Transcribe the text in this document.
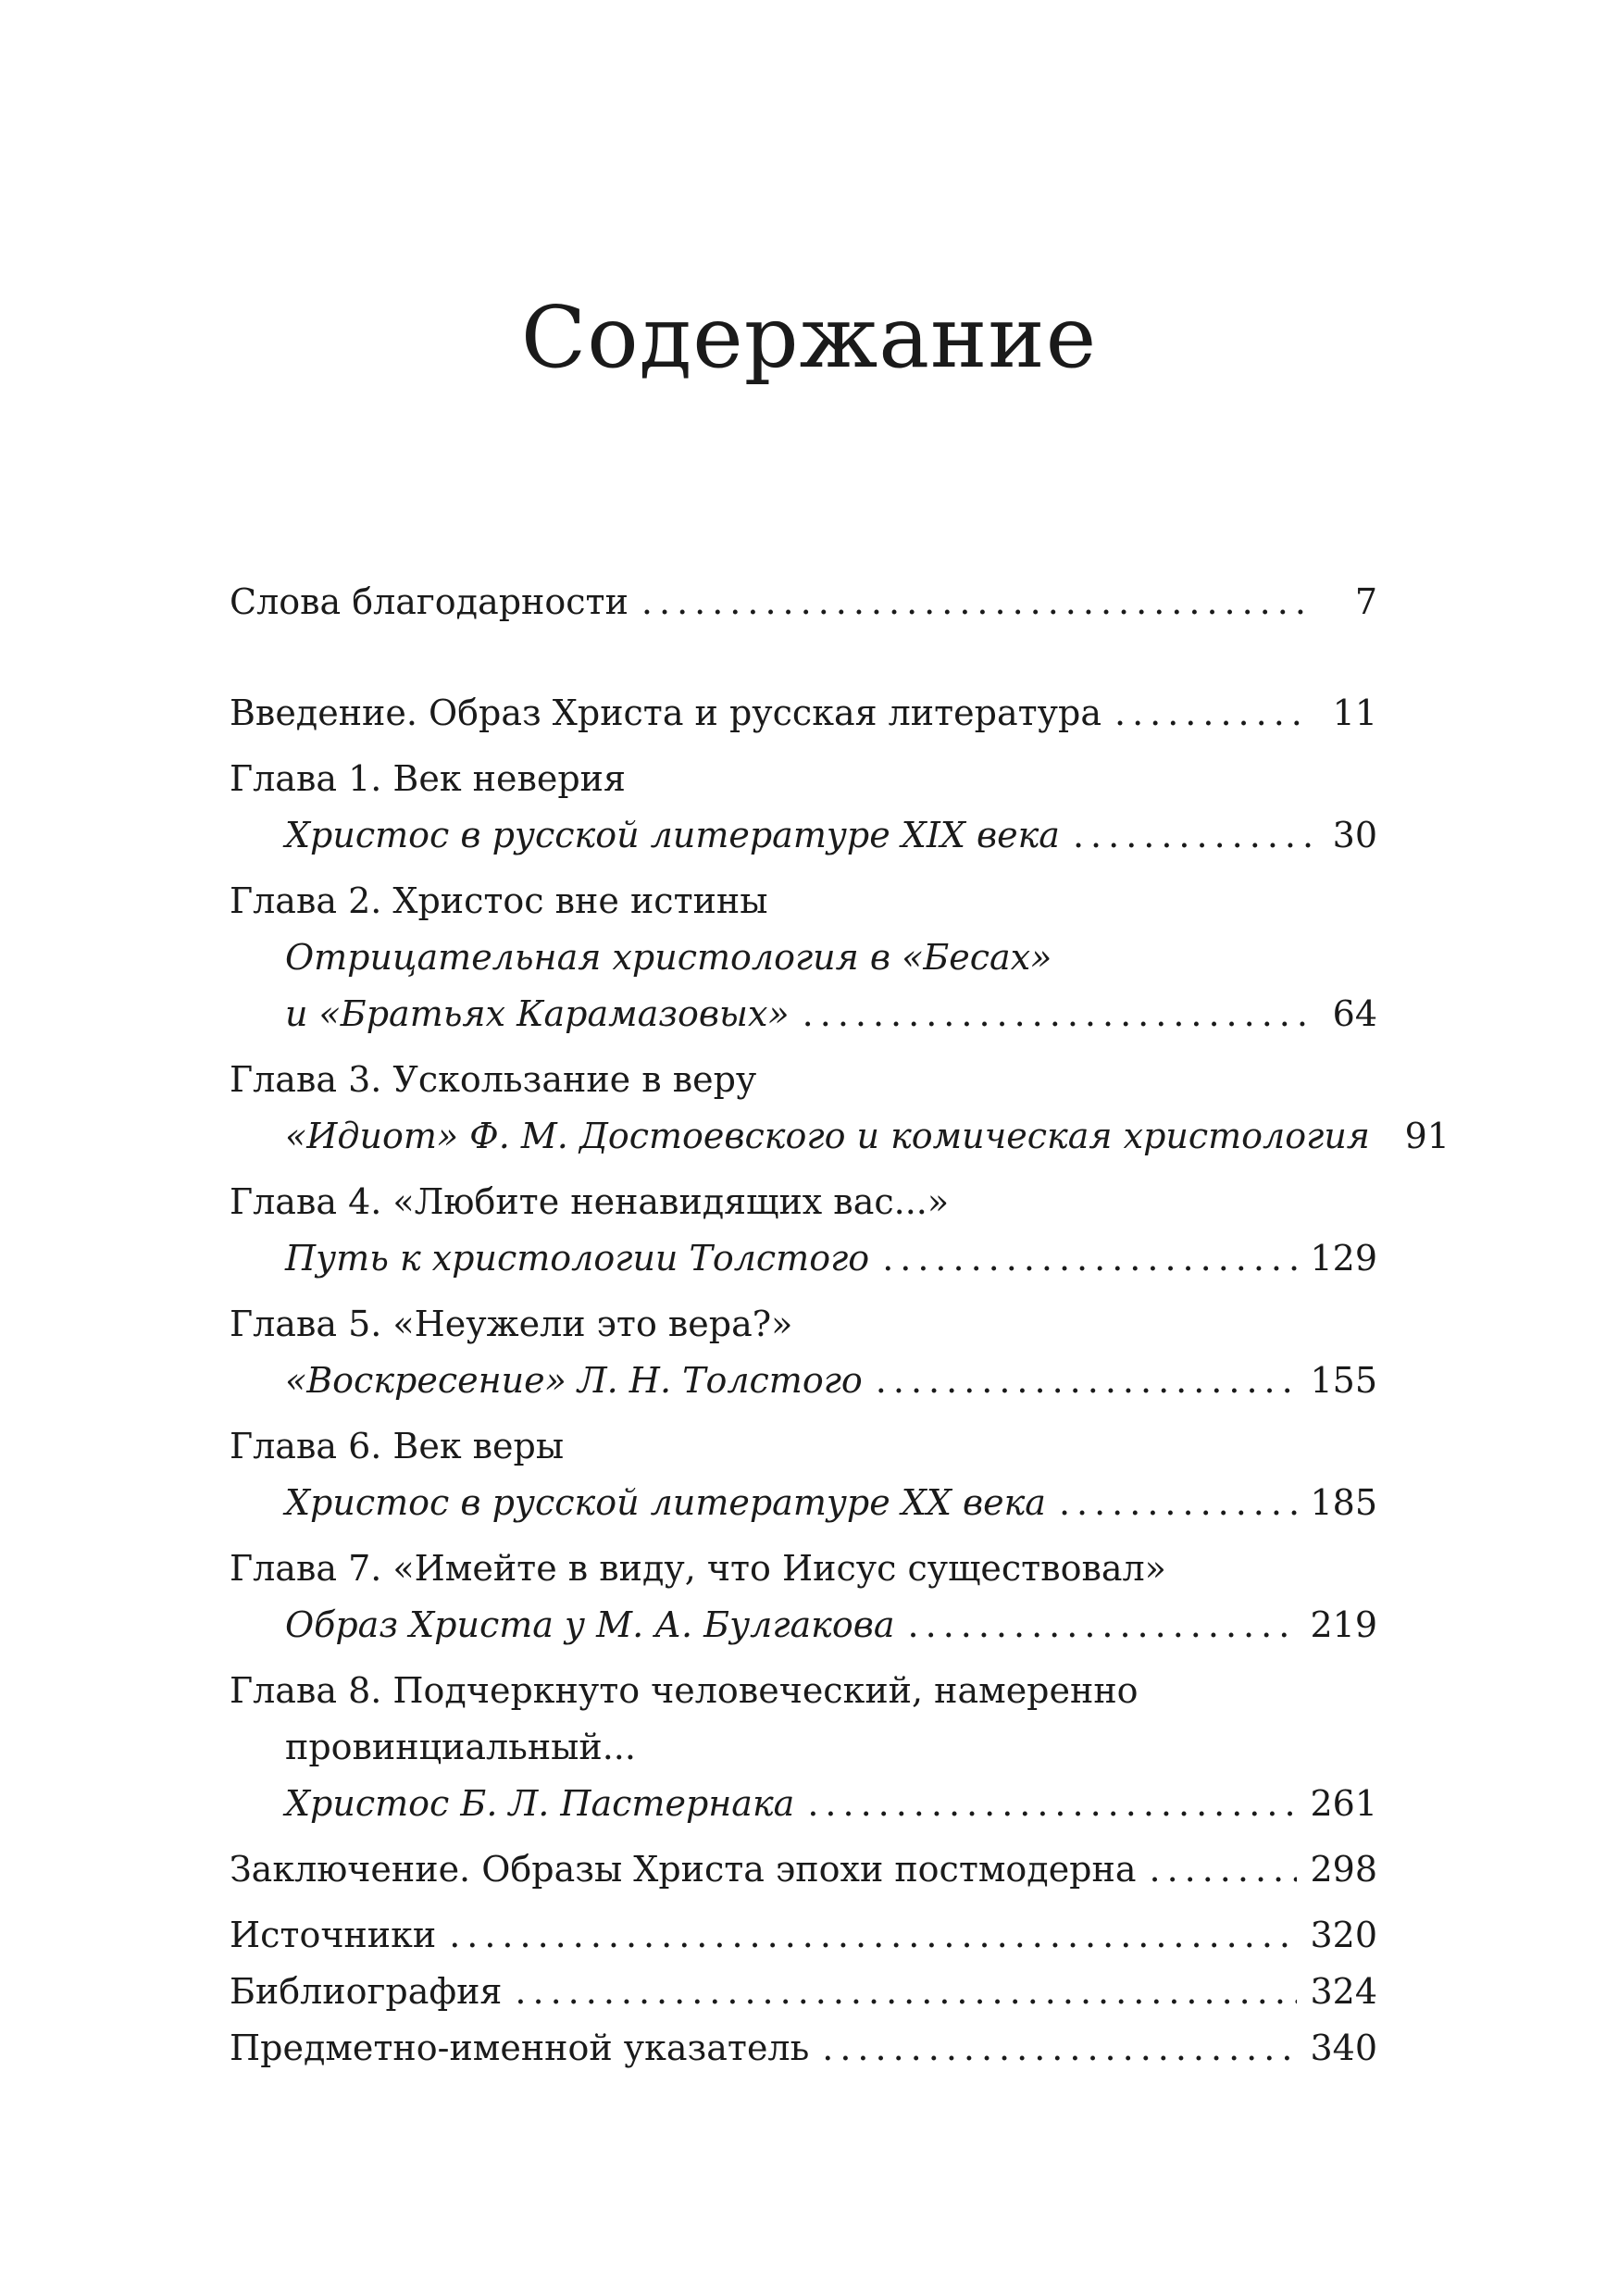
Содержание
Слова благодарности .....	7
Введение. Образ Христа и русская литература .....	11
Глава 1. Век неверия
Христос в русской литературе XIX века .....	30
Глава 2. Христос вне истины
Отрицательная христология в «Бесах»
и «Братьях Карамазовых» .....	64
Глава 3. Ускользание в веру
«Идиот» Ф. М. Достоевского и комическая христология 91
Глава 4. «Любите ненавидящих вас...»
Путь к христологии Толстого .....	129
Глава 5. «Неужели это вера?»
«Воскресение» Л. Н. Толстого .....	155
Глава 6. Век веры
Христос в русской литературе XX века .....	185
Глава 7. «Имейте в виду, что Иисус существовал»
Образ Христа у М. А. Булгакова .....	219
Глава 8. Подчеркнуто человеческий, намеренно
провинциальный...
Христос Б. Л. Пастернака .....	261
Заключение. Образы Христа эпохи постмодерна .....	298
Источники .....	320
Библиография .....	324
Предметно-именной указатель .....	340
